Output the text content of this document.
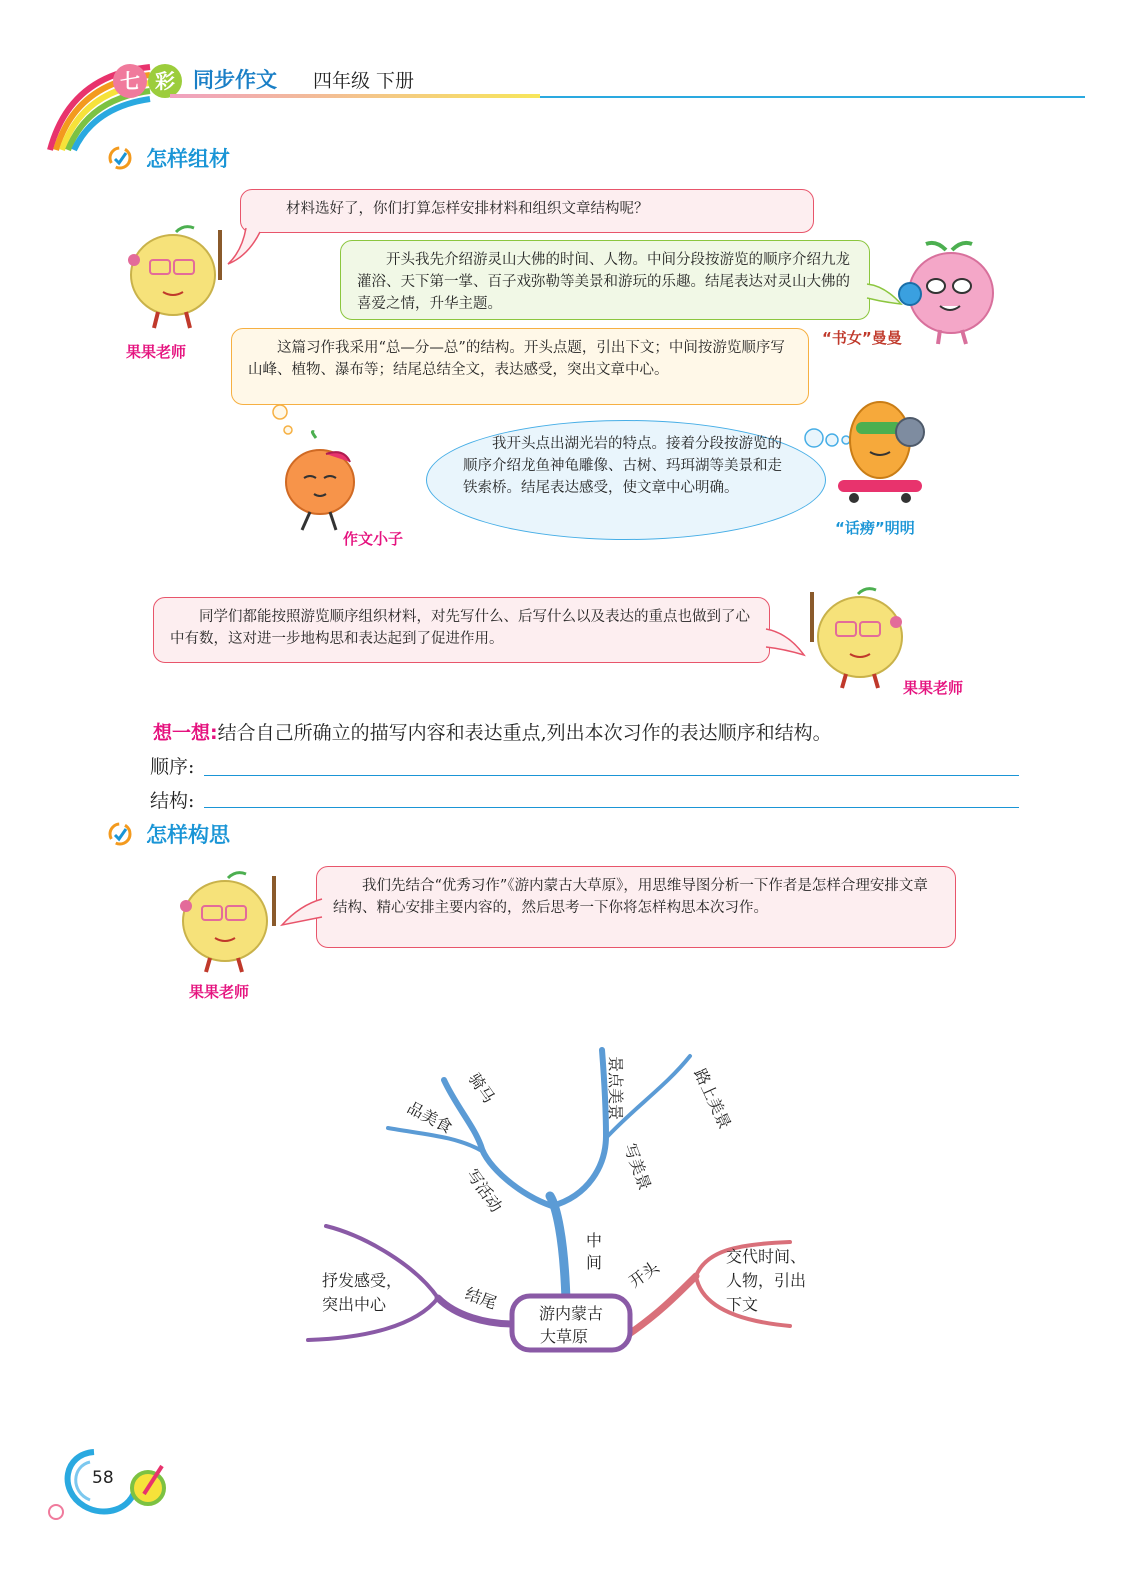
七 彩 同步作文 四年级 下册
怎样组材
果果老师
材料选好了，你们打算怎样安排材料和组织文章结构呢？
开头我先介绍游灵山大佛的时间、人物。中间分段按游览的顺序介绍九龙灌浴、天下第一掌、百子戏弥勒等美景和游玩的乐趣。结尾表达对灵山大佛的喜爱之情，升华主题。
“书女”曼曼
这篇习作我采用“总—分—总”的结构。开头点题，引出下文；中间按游览顺序写山峰、植物、瀑布等；结尾总结全文，表达感受，突出文章中心。
作文小子
我开头点出湖光岩的特点。接着分段按游览的顺序介绍龙鱼神龟雕像、古树、玛珥湖等美景和走铁索桥。结尾表达感受，使文章中心明确。
“话痨”明明
同学们都能按照游览顺序组织材料，对先写什么、后写什么以及表达的重点也做到了心中有数，这对进一步地构思和表达起到了促进作用。
果果老师
想一想:结合自己所确立的描写内容和表达重点,列出本次习作的表达顺序和结构。
顺序:
结构:
怎样构思
果果老师
我们先结合“优秀习作”《游内蒙古大草原》，用思维导图分析一下作者是怎样合理安排文章结构、精心安排主要内容的，然后思考一下你将怎样构思本次习作。
游内蒙古
大草原
中
间
写活动
骑马
品美食
写美景
景点美景	路上美景
开头
交代时间、
人物，引出
下文
结尾
抒发感受，
突出中心
58
